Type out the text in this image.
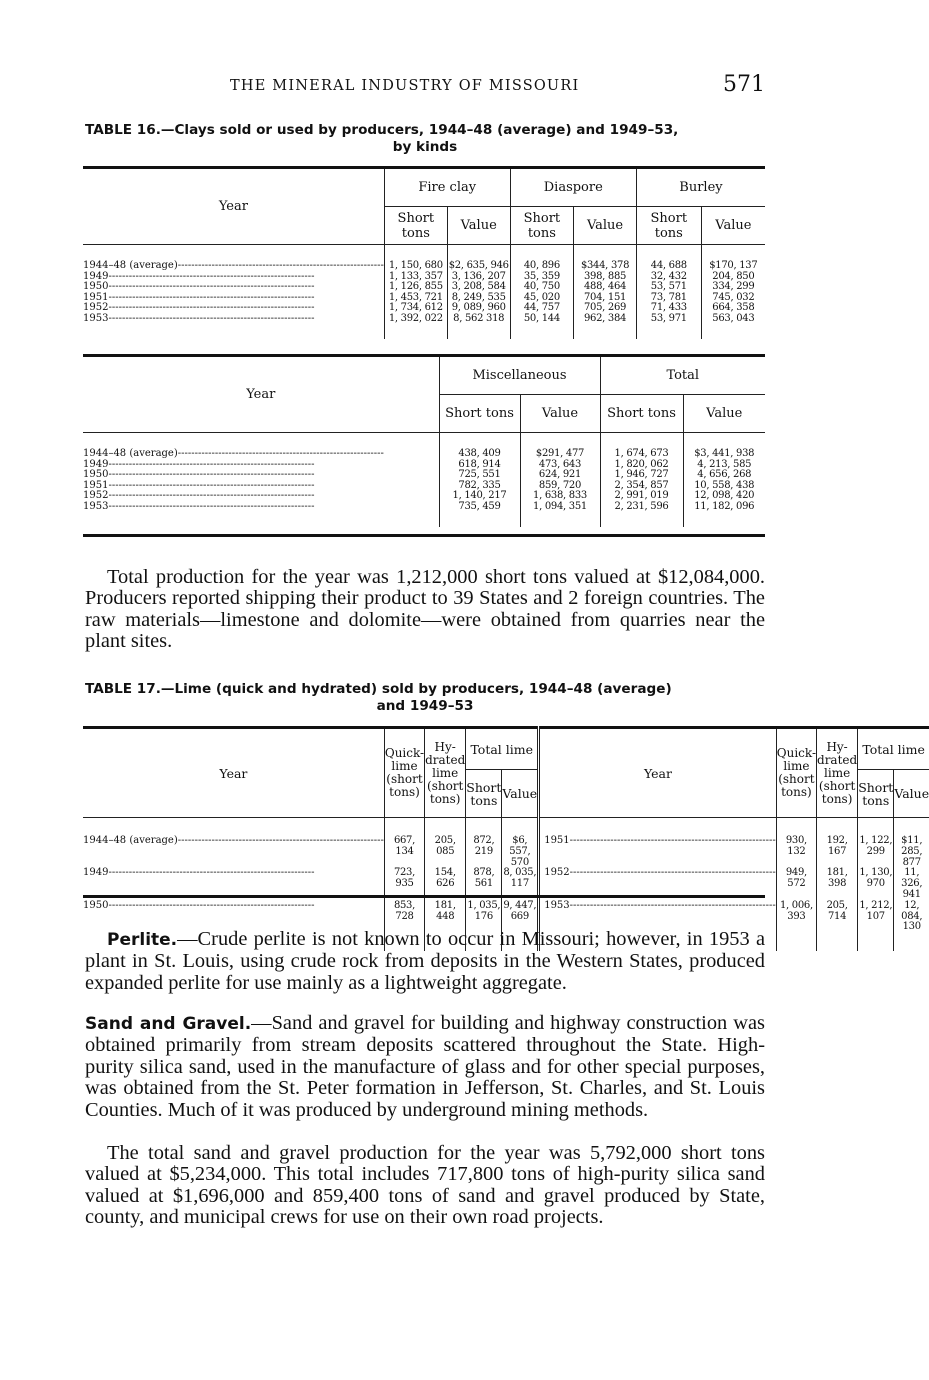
THE MINERAL INDUSTRY OF MISSOURI	571
TABLE 16.—Clays sold or used by producers, 1944–48 (average) and 1949–53,
by kinds
Year	Fire clay		Diaspore		Burley	
	Short tons	Value	Short tons	Value	Short tons	Value
1944–48 (average)-------------------------------------------------------------	1, 150, 680	$2, 635, 946	40, 896	$344, 378	44, 688	$170, 137
1949-------------------------------------------------------------	1, 133, 357	3, 136, 207	35, 359	398, 885	32, 432	204, 850
1950-------------------------------------------------------------	1, 126, 855	3, 208, 584	40, 750	488, 464	53, 571	334, 299
1951-------------------------------------------------------------	1, 453, 721	8, 249, 535	45, 020	704, 151	73, 781	745, 032
1952-------------------------------------------------------------	1, 734, 612	9, 089, 960	44, 757	705, 269	71, 433	664, 358
1953-------------------------------------------------------------	1, 392, 022	8, 562 318	50, 144	962, 384	53, 971	563, 043
Year	Miscellaneous		Total	
	Short tons	Value	Short tons	Value
1944–48 (average)-------------------------------------------------------------	438, 409	$291, 477	1, 674, 673	$3, 441, 938
1949-------------------------------------------------------------	618, 914	473, 643	1, 820, 062	4, 213, 585
1950-------------------------------------------------------------	725, 551	624, 921	1, 946, 727	4, 656, 268
1951-------------------------------------------------------------	782, 335	859, 720	2, 354, 857	10, 558, 438
1952-------------------------------------------------------------	1, 140, 217	1, 638, 833	2, 991, 019	12, 098, 420
1953-------------------------------------------------------------	735, 459	1, 094, 351	2, 231, 596	11, 182, 096
Total production for the year was 1,212,000 short tons valued at $12,084,000. Producers reported shipping their product to 39 States and 2 foreign countries. The raw materials—limestone and dolomite—were obtained from quarries near the plant sites.
TABLE 17.—Lime (quick and hydrated) sold by producers, 1944–48 (average)
and 1949–53
Year	Quick-lime (short tons)	Hy-drated lime (short tons)	Total lime		Year	Quick-lime (short tons)	Hy-drated lime (short tons)	Total lime	
			Short tons	Value				Short tons	Value
1944–48 (average)-------------------------------------------------------------	667, 134	205, 085	872, 219	$6, 557, 570	1951-------------------------------------------------------------	930, 132	192, 167	1, 122, 299	$11, 285, 877
1949-------------------------------------------------------------	723, 935	154, 626	878, 561	8, 035, 117	1952-------------------------------------------------------------	949, 572	181, 398	1, 130, 970	11, 326, 941
1950-------------------------------------------------------------	853, 728	181, 448	1, 035, 176	9, 447, 669	1953-------------------------------------------------------------	1, 006, 393	205, 714	1, 212, 107	12, 084, 130
Perlite.—Crude perlite is not known to occur in Missouri; however, in 1953 a plant in St. Louis, using crude rock from deposits in the Western States, produced expanded perlite for use mainly as a lightweight aggregate.
Sand and Gravel.—Sand and gravel for building and highway construction was obtained primarily from stream deposits scattered throughout the State. High-purity silica sand, used in the manufacture of glass and for other special purposes, was obtained from the St. Peter formation in Jefferson, St. Charles, and St. Louis Counties. Much of it was produced by underground mining methods.
The total sand and gravel production for the year was 5,792,000 short tons valued at $5,234,000. This total includes 717,800 tons of high-purity silica sand valued at $1,696,000 and 859,400 tons of sand and gravel produced by State, county, and municipal crews for use on their own road projects.
